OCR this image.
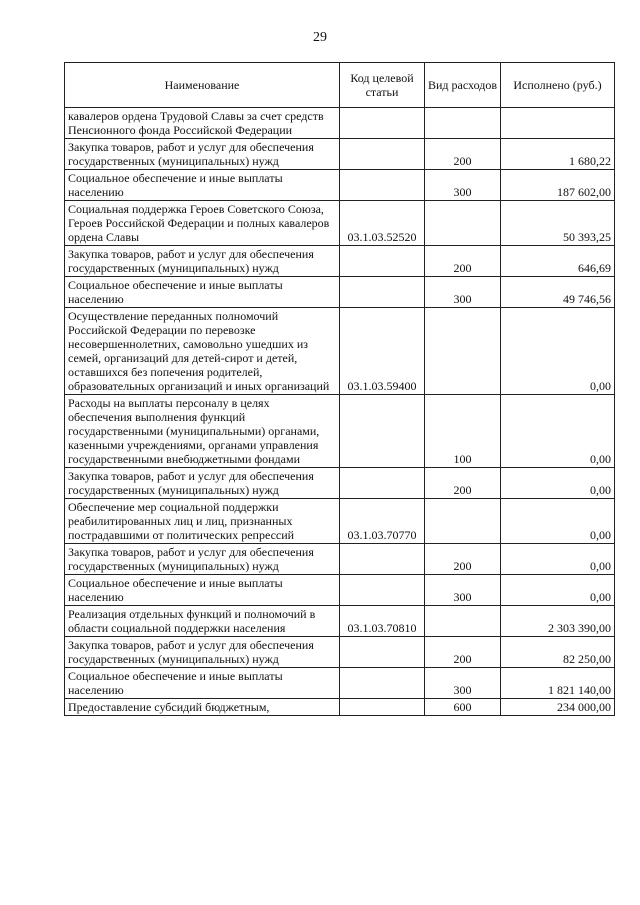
29
Наименование	Код целевой статьи	Вид расходов	Исполнено (руб.)
кавалеров ордена Трудовой Славы за счет средств Пенсионного фонда Российской Федерации			
Закупка товаров, работ и услуг для обеспечения государственных (муниципальных) нужд		200	1 680,22
Социальное обеспечение и иные выплаты населению		300	187 602,00
Социальная поддержка Героев Советского Союза, Героев Российской Федерации и полных кавалеров ордена Славы	03.1.03.52520		50 393,25
Закупка товаров, работ и услуг для обеспечения государственных (муниципальных) нужд		200	646,69
Социальное обеспечение и иные выплаты населению		300	49 746,56
Осуществление переданных полномочий Российской Федерации по перевозке несовершеннолетних, самовольно ушедших из семей, организаций для детей-сирот и детей, оставшихся без попечения родителей, образовательных организаций и иных организаций	03.1.03.59400		0,00
Расходы на выплаты персоналу в целях обеспечения выполнения функций государственными (муниципальными) органами, казенными учреждениями, органами управления государственными внебюджетными фондами		100	0,00
Закупка товаров, работ и услуг для обеспечения государственных (муниципальных) нужд		200	0,00
Обеспечение мер социальной поддержки реабилитированных лиц и лиц, признанных пострадавшими от политических репрессий	03.1.03.70770		0,00
Закупка товаров, работ и услуг для обеспечения государственных (муниципальных) нужд		200	0,00
Социальное обеспечение и иные выплаты населению		300	0,00
Реализация отдельных функций и полномочий в области социальной поддержки населения	03.1.03.70810		2 303 390,00
Закупка товаров, работ и услуг для обеспечения государственных (муниципальных) нужд		200	82 250,00
Социальное обеспечение и иные выплаты населению		300	1 821 140,00
Предоставление субсидий бюджетным,		600	234 000,00
